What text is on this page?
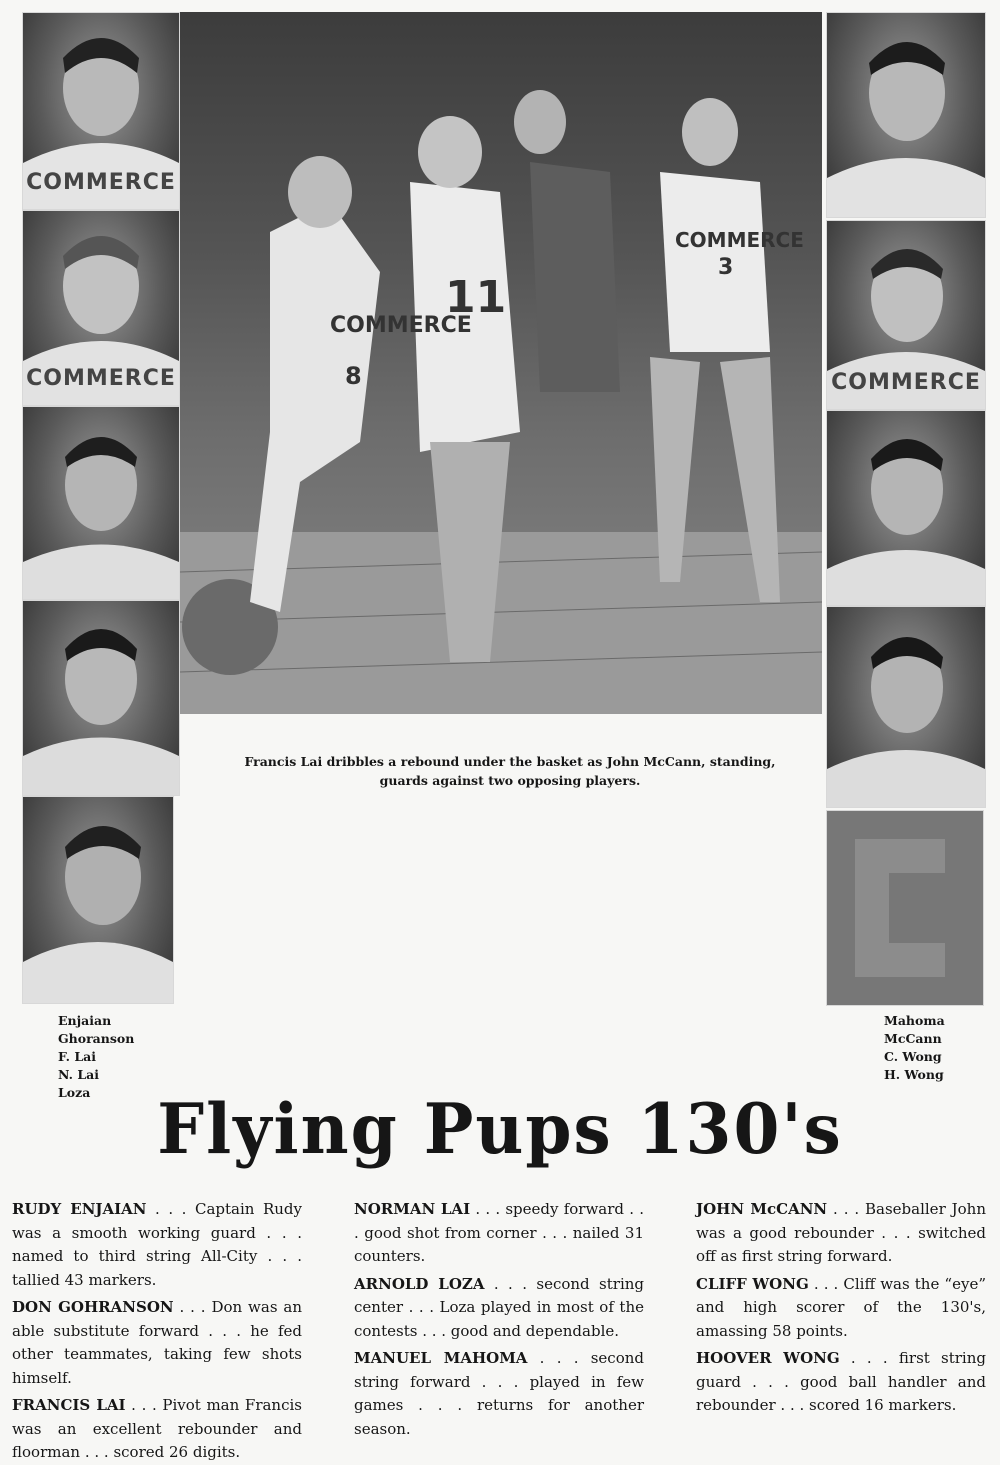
COMMERCE
COMMERCE
COMMERCE
8
11
COMMERCE
3
COMMERCE
Francis Lai dribbles a rebound under the basket as John McCann, standing,
guards against two opposing players.
Enjaian
Ghoranson
F. Lai
N. Lai
Loza
Mahoma
McCann
C. Wong
H. Wong
Flying Pups 130's

RUDY ENJAIAN . . . Captain Rudy was a smooth working guard . . . named to third string All-City . . . tallied 43 markers.

DON GOHRANSON . . . Don was an able substitute forward . . . he fed other teammates, taking few shots himself.

FRANCIS LAI . . . Pivot man Francis was an excellent rebounder and floorman . . . scored 26 digits.

NORMAN LAI . . . speedy forward . . . good shot from corner . . . nailed 31 counters.

ARNOLD LOZA . . . second string center . . . Loza played in most of the contests . . . good and dependable.

MANUEL MAHOMA . . . second string forward . . . played in few games . . . returns for another season.

JOHN McCANN . . . Baseballer John was a good rebounder . . . switched off as first string forward.

CLIFF WONG . . . Cliff was the “eye” and high scorer of the 130's, amassing 58 points.

HOOVER WONG . . . first string guard . . . good ball handler and rebounder . . . scored 16 markers.
